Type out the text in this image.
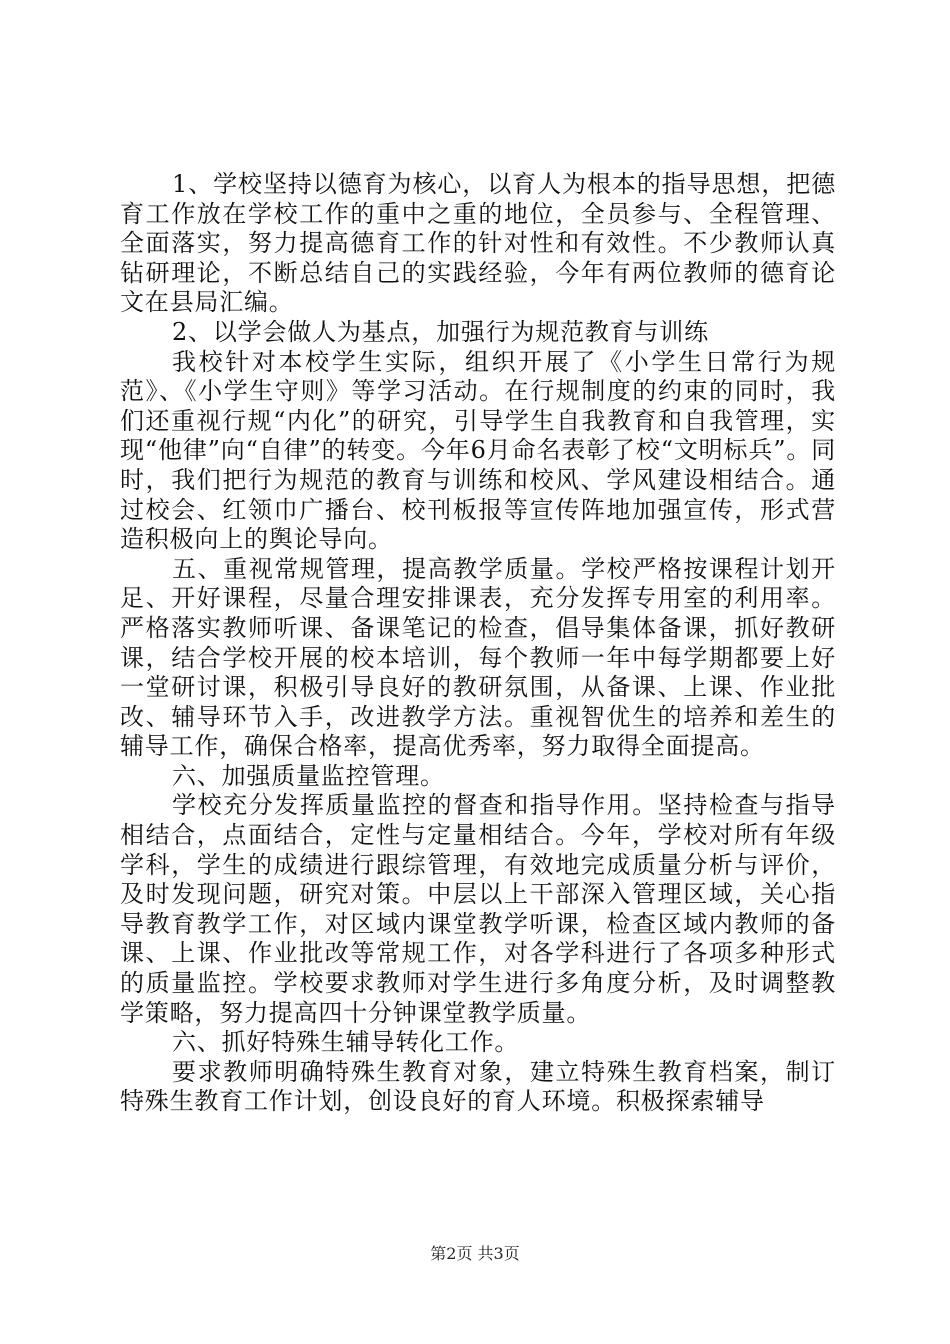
1、学校坚持以德育为核心，以育人为根本的指导思想，把德育工作放在学校工作的重中之重的地位，全员参与、全程管理、全面落实，努力提高德育工作的针对性和有效性。不少教师认真钻研理论，不断总结自己的实践经验，今年有两位教师的德育论文在县局汇编。

2、以学会做人为基点，加强行为规范教育与训练

我校针对本校学生实际，组织开展了《小学生日常行为规范》、《小学生守则》等学习活动。在行规制度的约束的同时，我们还重视行规“内化”的研究，引导学生自我教育和自我管理，实现“他律”向“自律”的转变。今年6月命名表彰了校“文明标兵”。同时，我们把行为规范的教育与训练和校风、学风建设相结合。通过校会、红领巾广播台、校刊板报等宣传阵地加强宣传，形式营造积极向上的舆论导向。

五、重视常规管理，提高教学质量。学校严格按课程计划开足、开好课程，尽量合理安排课表，充分发挥专用室的利用率。严格落实教师听课、备课笔记的检查，倡导集体备课，抓好教研课，结合学校开展的校本培训，每个教师一年中每学期都要上好一堂研讨课，积极引导良好的教研氛围，从备课、上课、作业批改、辅导环节入手，改进教学方法。重视智优生的培养和差生的辅导工作，确保合格率，提高优秀率，努力取得全面提高。

六、加强质量监控管理。

学校充分发挥质量监控的督查和指导作用。坚持检查与指导相结合，点面结合，定性与定量相结合。今年，学校对所有年级学科，学生的成绩进行跟综管理，有效地完成质量分析与评价，及时发现问题，研究对策。中层以上干部深入管理区域，关心指导教育教学工作，对区域内课堂教学听课，检查区域内教师的备课、上课、作业批改等常规工作，对各学科进行了各项多种形式的质量监控。学校要求教师对学生进行多角度分析，及时调整教学策略，努力提高四十分钟课堂教学质量。

六、抓好特殊生辅导转化工作。

要求教师明确特殊生教育对象，建立特殊生教育档案，制订特殊生教育工作计划，创设良好的育人环境。积极探索辅导

第2页 共3页
